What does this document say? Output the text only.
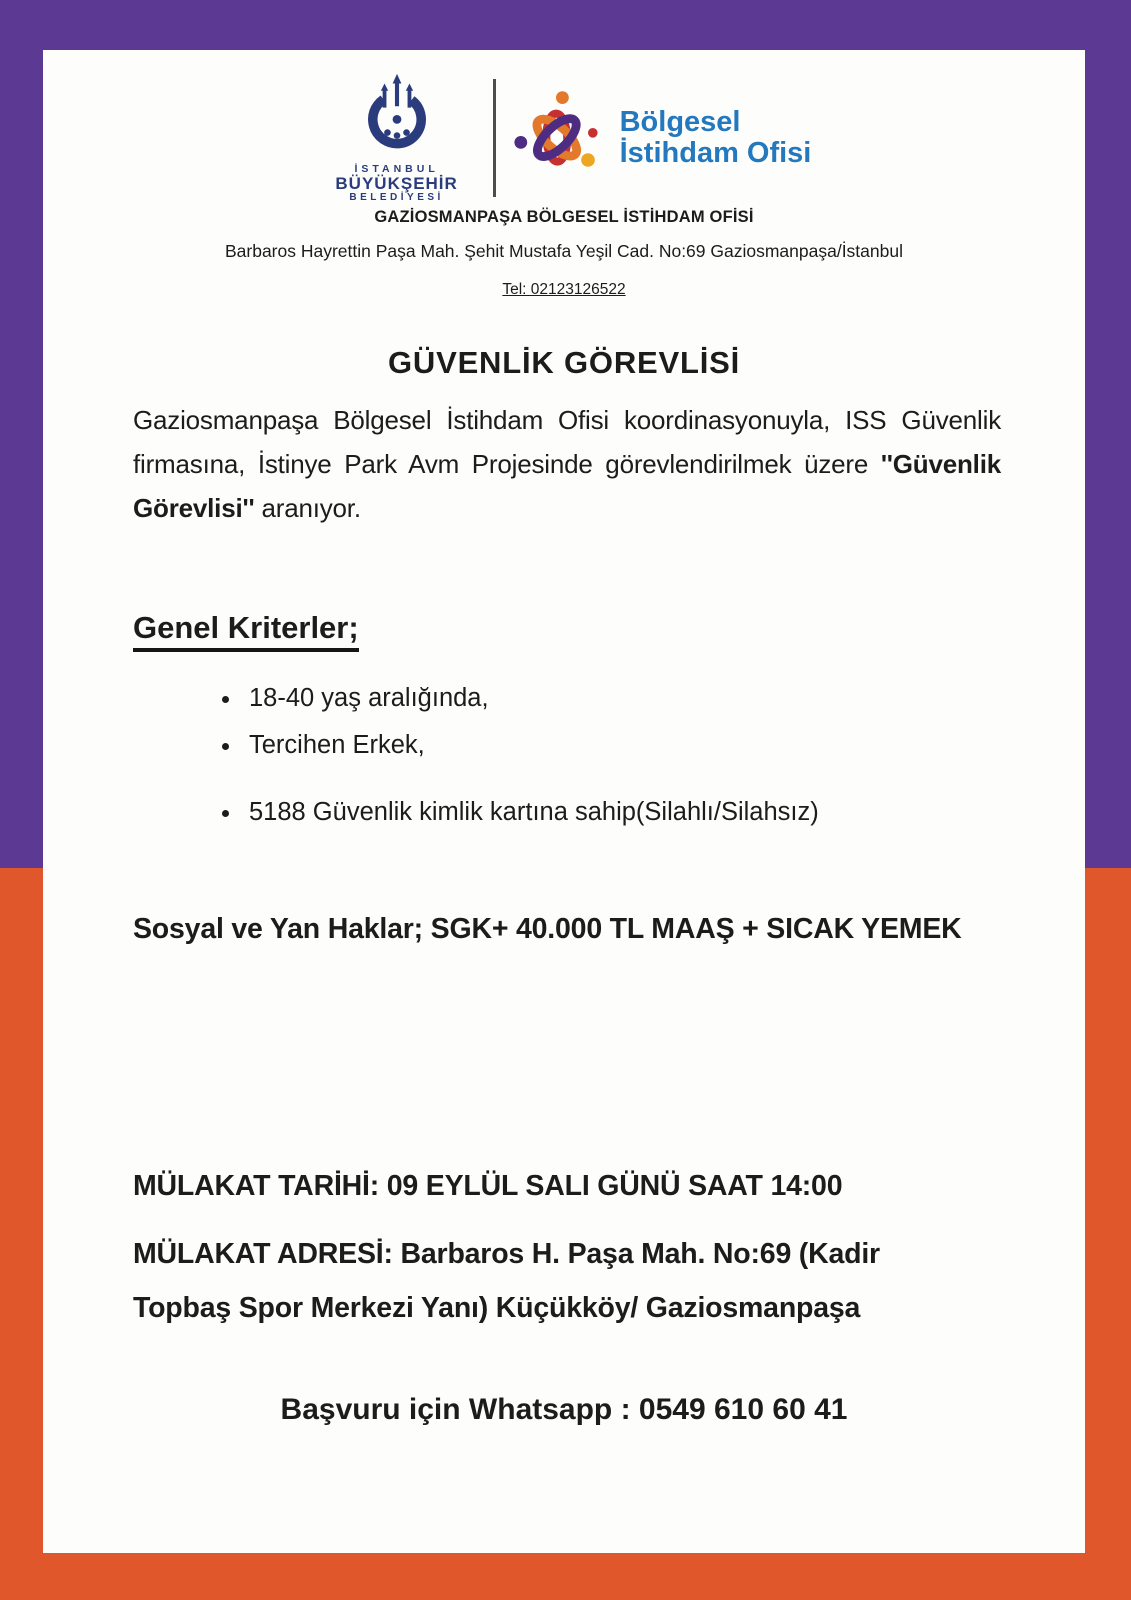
İSTANBUL
BÜYÜKŞEHİR
BELEDİYESİ
Bölgesel
İstihdam Ofisi
GAZİOSMANPAŞA BÖLGESEL İSTİHDAM OFİSİ
Barbaros Hayrettin Paşa Mah. Şehit Mustafa Yeşil Cad. No:69 Gaziosmanpaşa/İstanbul
Tel: 02123126522
GÜVENLİK GÖREVLİSİ

Gaziosmanpaşa Bölgesel İstihdam Ofisi koordinasyonuyla, ISS Güvenlik firmasına, İstinye Park Avm Projesinde görevlendirilmek üzere ''Güvenlik Görevlisi'' aranıyor.

Genel Kriterler;
• 18-40 yaş aralığında,
• Tercihen Erkek,
• 5188 Güvenlik kimlik kartına sahip(Silahlı/Silahsız)
Sosyal ve Yan Haklar; SGK+ 40.000 TL MAAŞ + SICAK YEMEK
MÜLAKAT TARİHİ: 09 EYLÜL SALI GÜNÜ SAAT 14:00
MÜLAKAT ADRESİ: Barbaros H. Paşa Mah. No:69 (Kadir Topbaş Spor Merkezi Yanı) Küçükköy/ Gaziosmanpaşa
Başvuru için Whatsapp : 0549 610 60 41
